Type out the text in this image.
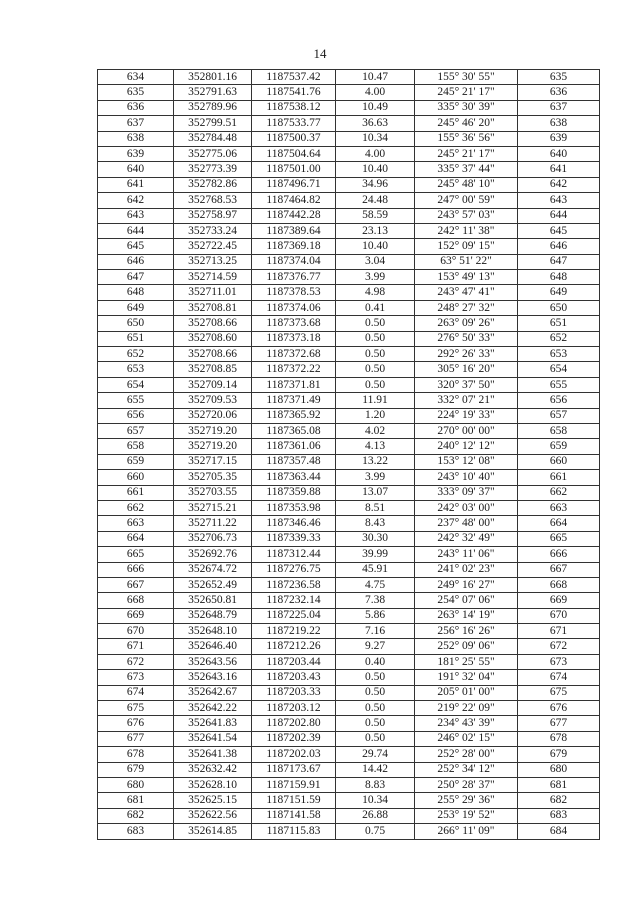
14
634	352801.16	1187537.42	10.47	155° 30' 55"	635
635	352791.63	1187541.76	4.00	245° 21' 17"	636
636	352789.96	1187538.12	10.49	335° 30' 39"	637
637	352799.51	1187533.77	36.63	245° 46' 20"	638
638	352784.48	1187500.37	10.34	155° 36' 56"	639
639	352775.06	1187504.64	4.00	245° 21' 17"	640
640	352773.39	1187501.00	10.40	335° 37' 44"	641
641	352782.86	1187496.71	34.96	245° 48' 10"	642
642	352768.53	1187464.82	24.48	247° 00' 59"	643
643	352758.97	1187442.28	58.59	243° 57' 03"	644
644	352733.24	1187389.64	23.13	242° 11' 38"	645
645	352722.45	1187369.18	10.40	152° 09' 15"	646
646	352713.25	1187374.04	3.04	63° 51' 22"	647
647	352714.59	1187376.77	3.99	153° 49' 13"	648
648	352711.01	1187378.53	4.98	243° 47' 41"	649
649	352708.81	1187374.06	0.41	248° 27' 32"	650
650	352708.66	1187373.68	0.50	263° 09' 26"	651
651	352708.60	1187373.18	0.50	276° 50' 33"	652
652	352708.66	1187372.68	0.50	292° 26' 33"	653
653	352708.85	1187372.22	0.50	305° 16' 20"	654
654	352709.14	1187371.81	0.50	320° 37' 50"	655
655	352709.53	1187371.49	11.91	332° 07' 21"	656
656	352720.06	1187365.92	1.20	224° 19' 33"	657
657	352719.20	1187365.08	4.02	270° 00' 00"	658
658	352719.20	1187361.06	4.13	240° 12' 12"	659
659	352717.15	1187357.48	13.22	153° 12' 08"	660
660	352705.35	1187363.44	3.99	243° 10' 40"	661
661	352703.55	1187359.88	13.07	333° 09' 37"	662
662	352715.21	1187353.98	8.51	242° 03' 00"	663
663	352711.22	1187346.46	8.43	237° 48' 00"	664
664	352706.73	1187339.33	30.30	242° 32' 49"	665
665	352692.76	1187312.44	39.99	243° 11' 06"	666
666	352674.72	1187276.75	45.91	241° 02' 23"	667
667	352652.49	1187236.58	4.75	249° 16' 27"	668
668	352650.81	1187232.14	7.38	254° 07' 06"	669
669	352648.79	1187225.04	5.86	263° 14' 19"	670
670	352648.10	1187219.22	7.16	256° 16' 26"	671
671	352646.40	1187212.26	9.27	252° 09' 06"	672
672	352643.56	1187203.44	0.40	181° 25' 55"	673
673	352643.16	1187203.43	0.50	191° 32' 04"	674
674	352642.67	1187203.33	0.50	205° 01' 00"	675
675	352642.22	1187203.12	0.50	219° 22' 09"	676
676	352641.83	1187202.80	0.50	234° 43' 39"	677
677	352641.54	1187202.39	0.50	246° 02' 15"	678
678	352641.38	1187202.03	29.74	252° 28' 00"	679
679	352632.42	1187173.67	14.42	252° 34' 12"	680
680	352628.10	1187159.91	8.83	250° 28' 37"	681
681	352625.15	1187151.59	10.34	255° 29' 36"	682
682	352622.56	1187141.58	26.88	253° 19' 52"	683
683	352614.85	1187115.83	0.75	266° 11' 09"	684
